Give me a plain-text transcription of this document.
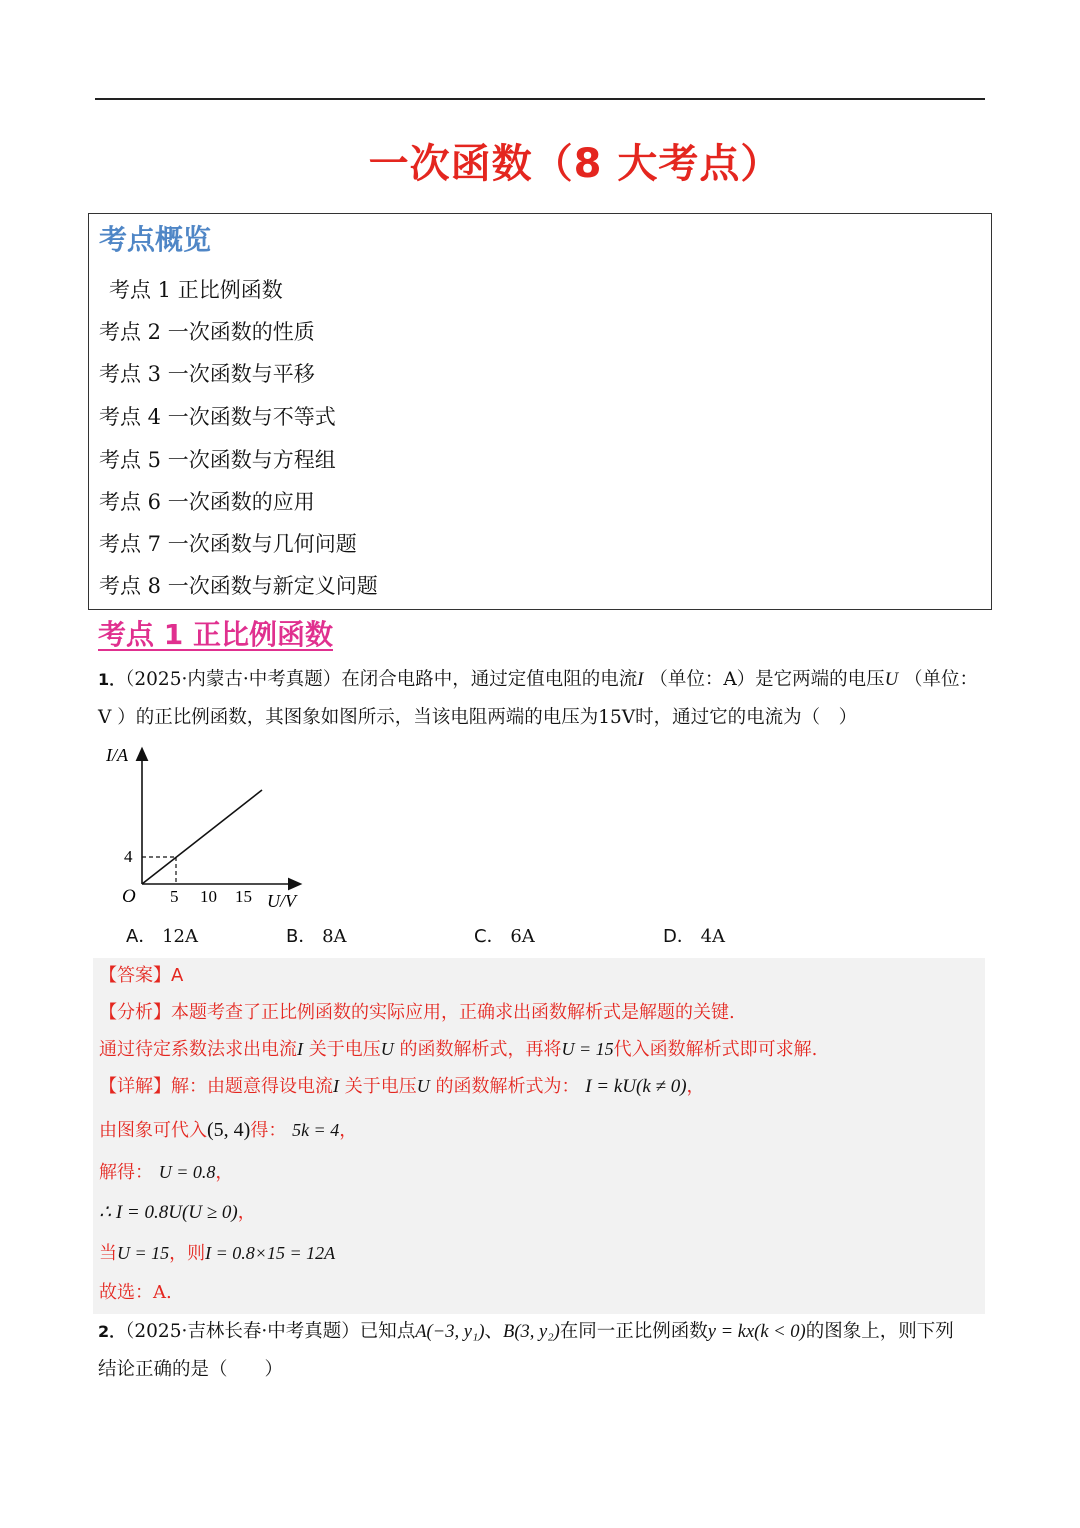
一次函数（8 大考点）
考点概览
考点 1 正比例函数
考点 2 一次函数的性质
考点 3 一次函数与平移
考点 4 一次函数与不等式
考点 5 一次函数与方程组
考点 6 一次函数的应用
考点 7 一次函数与几何问题
考点 8 一次函数与新定义问题
考点 1 正比例函数
1．（2025·内蒙古·中考真题）在闭合电路中，通过定值电阻的电流I （单位：A）是它两端的电压U （单位：
V ）的正比例函数，其图象如图所示，当该电阻两端的电压为15V时，通过它的电流为（　）
I/A
4
O 5 10 15 U/V
A． 12A	B． 8A	C． 6A	D． 4A
【答案】A
【分析】本题考查了正比例函数的实际应用，正确求出函数解析式是解题的关键.
通过待定系数法求出电流I 关于电压U 的函数解析式，再将U = 15代入函数解析式即可求解.
【详解】解：由题意得设电流I 关于电压U 的函数解析式为： I = kU(k ≠ 0)，
由图象可代入(5, 4)得： 5k = 4，
解得： U = 0.8，
∴ I = 0.8U(U ≥ 0)，
当U = 15，则I = 0.8×15 = 12A
故选：A.
2．（2025·吉林长春·中考真题）已知点A(−3, y₁)、B(3, y₂)在同一正比例函数y = kx(k < 0)的图象上，则下列
结论正确的是（　　）
